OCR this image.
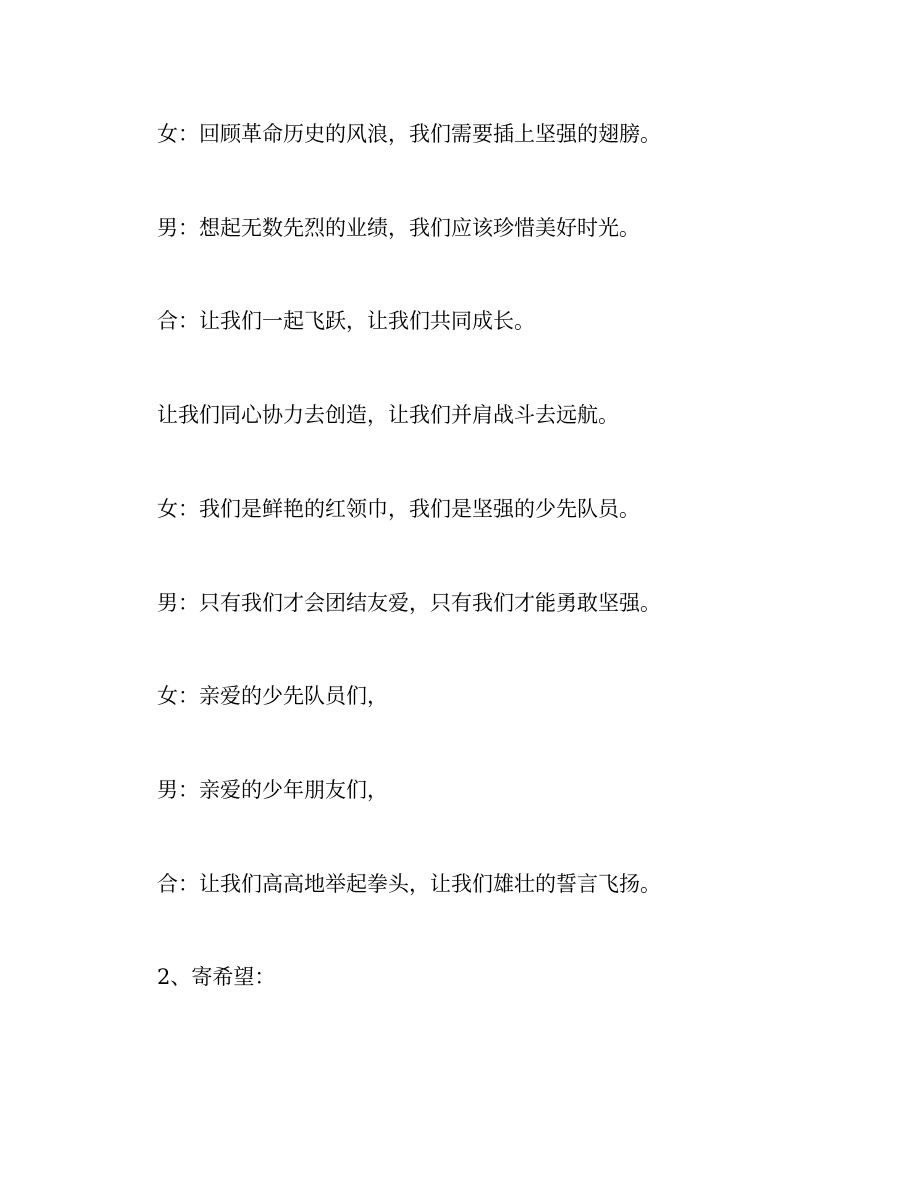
女：回顾革命历史的风浪，我们需要插上坚强的翅膀。

男：想起无数先烈的业绩，我们应该珍惜美好时光。

合：让我们一起飞跃，让我们共同成长。

让我们同心协力去创造，让我们并肩战斗去远航。

女：我们是鲜艳的红领巾，我们是坚强的少先队员。

男：只有我们才会团结友爱，只有我们才能勇敢坚强。

女：亲爱的少先队员们，

男：亲爱的少年朋友们，

合：让我们高高地举起拳头，让我们雄壮的誓言飞扬。

2、寄希望：
